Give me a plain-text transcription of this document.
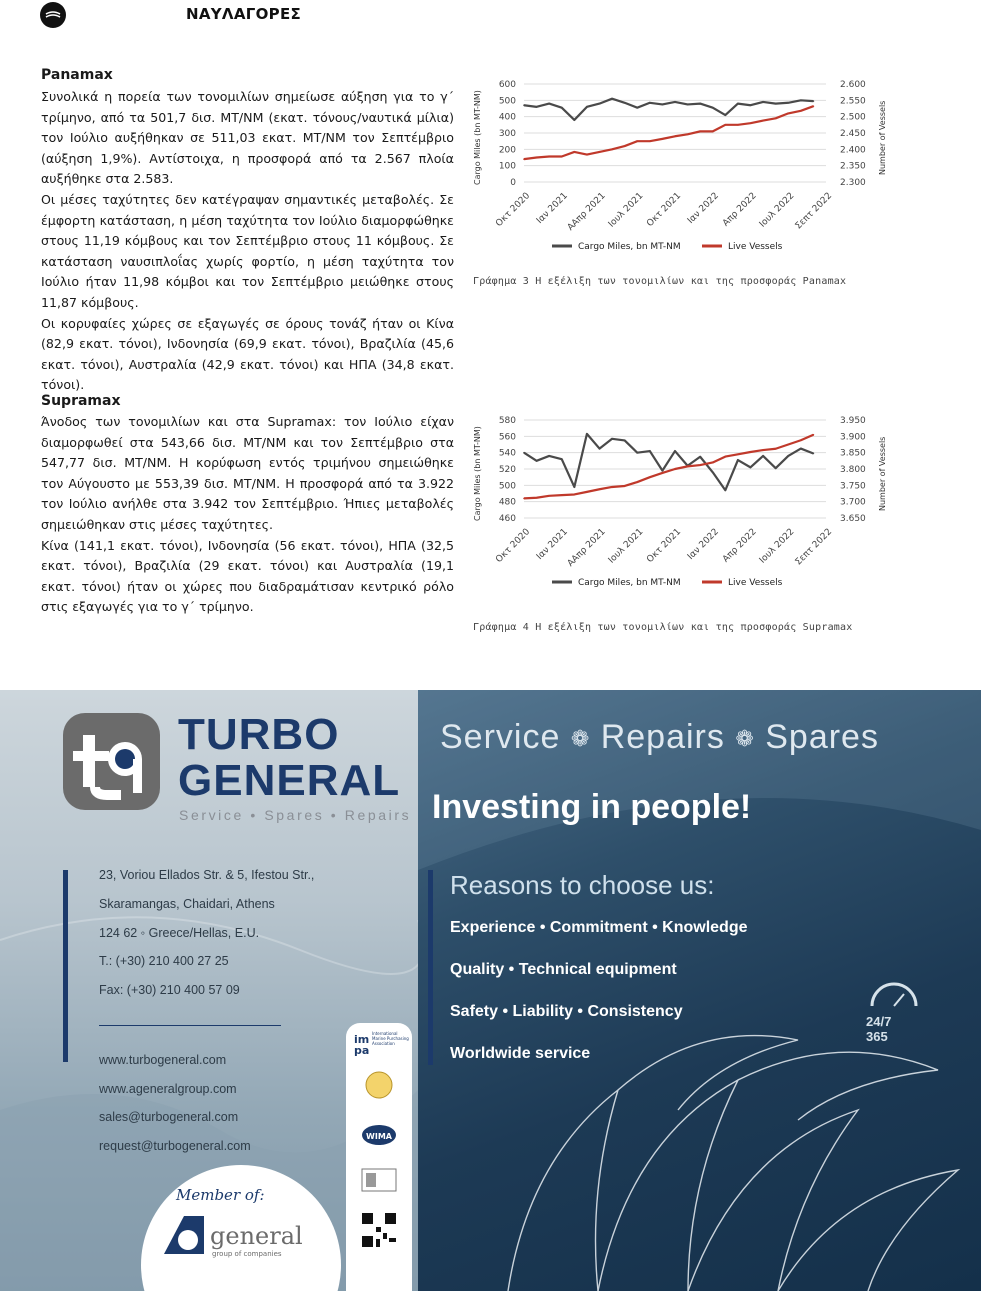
ΝΑΥΛΑΓΟΡΕΣ
Panamax

Συνολικά η πορεία των τονομιλίων σημείωσε αύξηση για το γ΄ τρίμηνο, από τα 501,7 δισ. ΜΤ/ΝΜ (εκατ. τόνους/ναυτικά μίλια) τον Ιούλιο αυξήθηκαν σε 511,03 εκατ. ΜΤ/ΝΜ τον Σεπτέμβριο (αύξηση 1,9%). Αντίστοιχα, η προσφορά από τα 2.567 πλοία αυξήθηκε στα 2.583.

Οι μέσες ταχύτητες δεν κατέγραψαν σημαντικές μεταβολές. Σε έμφορτη κατάσταση, η μέση ταχύτητα τον Ιούλιο διαμορφώθηκε στους 11,19 κόμβους και τον Σεπτέμβριο στους 11 κόμβους. Σε κατάσταση ναυσιπλοΐας χωρίς φορτίο, η μέση ταχύτητα τον Ιούλιο ήταν 11,98 κόμβοι και τον Σεπτέμβριο μειώθηκε στους 11,87 κόμβους.

Οι κορυφαίες χώρες σε εξαγωγές σε όρους τονάζ ήταν οι Κίνα (82,9 εκατ. τόνοι), Ινδονησία (69,9 εκατ. τόνοι), Βραζιλία (45,6 εκατ. τόνοι), Αυστραλία (42,9 εκατ. τόνοι) και ΗΠΑ (34,8 εκατ. τόνοι).

Supramax

Άνοδος των τονομιλίων και στα Supramax: τον Ιούλιο είχαν διαμορφωθεί στα 543,66 δισ. ΜΤ/ΝΜ και τον Σεπτέμβριο στα 547,77 δισ. ΜΤ/ΝΜ. Η κορύφωση εντός τριμήνου σημειώθηκε τον Αύγουστο με 553,39 δισ. ΜΤ/ΝΜ. Η προσφορά από τα 3.922 τον Ιούλιο ανήλθε στα 3.942 τον Σεπτέμβριο. Ήπιες μεταβολές σημειώθηκαν στις μέσες ταχύτητες.

Κίνα (141,1 εκατ. τόνοι), Ινδονησία (56 εκατ. τόνοι), ΗΠΑ (32,5 εκατ. τόνοι), Βραζιλία (29 εκατ. τόνοι) και Αυστραλία (19,1 εκατ. τόνοι) ήταν οι χώρες που διαδραμάτισαν κεντρικό ρόλο στις εξαγωγές για το γ΄ τρίμηνο.

600
500
400
300
200
100
0
2.600
2.550
2.500
2.450
2.400
2.350
2.300
Cargo Miles (bn MT-NM)	Number of Vessels
Οκτ 2020 Ιαν 2021
ΑΑπρ 2021 Ιουλ 2021 Οκτ 2021 Ιαν 2022 Απρ 2022 Ιουλ 2022
Σεπτ 2022
Cargo Miles, bn MT-NM	Live Vessels
Γράφημα 3 Η εξέλιξη των τονομιλίων και της προσφοράς Panamax
580
560
540
520
500
480
460
3.950
3.900
3.850
3.800
3.750
3.700
3.650
Cargo Miles (bn MT-NM)	Number of Vessels
Οκτ 2020 Ιαν 2021
ΑΑπρ 2021 Ιουλ 2021 Οκτ 2021 Ιαν 2022 Απρ 2022 Ιουλ 2022
Σεπτ 2022
Cargo Miles, bn MT-NM	Live Vessels
Γράφημα 4 Η εξέλιξη των τονομιλίων και της προσφοράς Supramax
TURBO
GENERAL
Service • Spares • Repairs
23, Voriou Ellados Str. & 5, Ifestou Str.,
Skaramangas, Chaidari, Athens
124 62 ◦ Greece/Hellas, E.U.
T.: (+30) 210 400 27 25
Fax: (+30) 210 400 57 09
www.turbogeneral.com
www.ageneralgroup.com
sales@turbogeneral.com
request@turbogeneral.com
Member of:
general
group of companies
im
pa
International Marine Purchasing Association
WIMA
Service ❁ Repairs ❁ Spares
Investing in people!
Reasons to choose us:
Experience • Commitment • Knowledge
Quality • Technical equipment
Safety • Liability • Consistency
Worldwide service
24/7
365
